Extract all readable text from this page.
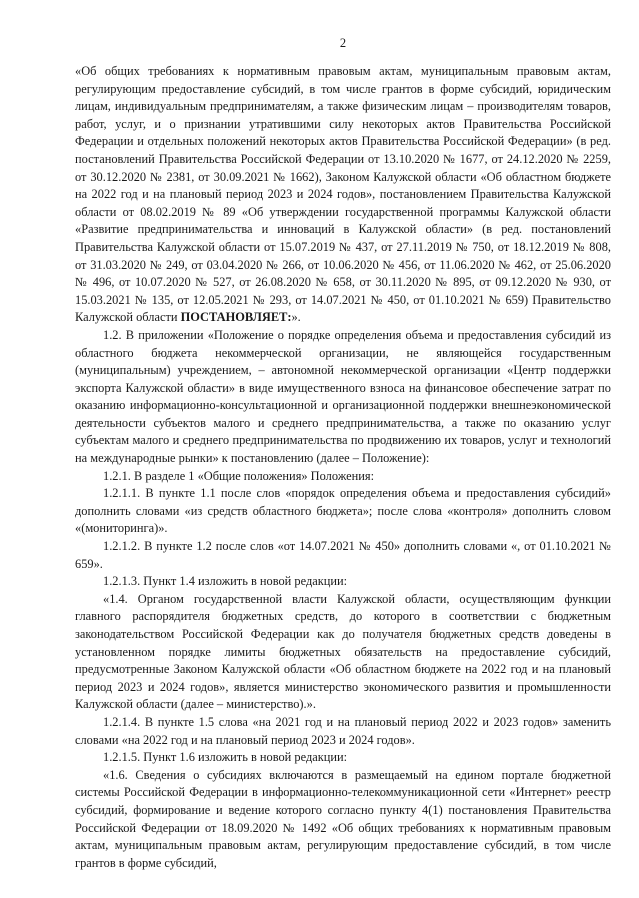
2

«Об общих требованиях к нормативным правовым актам, муниципальным правовым актам, регулирующим предоставление субсидий, в том числе грантов в форме субсидий, юридическим лицам, индивидуальным предпринимателям, а также физическим лицам – производителям товаров, работ, услуг, и о признании утратившими силу некоторых актов Правительства Российской Федерации и отдельных положений некоторых актов Правительства Российской Федерации» (в ред. постановлений Правительства Российской Федерации от 13.10.2020 № 1677, от 24.12.2020 № 2259, от 30.12.2020 № 2381, от 30.09.2021 № 1662), Законом Калужской области «Об областном бюджете на 2022 год и на плановый период 2023 и 2024 годов», постановлением Правительства Калужской области от 08.02.2019 № 89 «Об утверждении государственной программы Калужской области «Развитие предпринимательства и инноваций в Калужской области» (в ред. постановлений Правительства Калужской области от 15.07.2019 № 437, от 27.11.2019 № 750, от 18.12.2019 № 808, от 31.03.2020 № 249, от 03.04.2020 № 266, от 10.06.2020 № 456, от 11.06.2020 № 462, от 25.06.2020 № 496, от 10.07.2020 № 527, от 26.08.2020 № 658, от 30.11.2020 № 895, от 09.12.2020 № 930, от 15.03.2021 № 135, от 12.05.2021 № 293, от 14.07.2021 № 450, от 01.10.2021 № 659) Правительство Калужской области ПОСТАНОВЛЯЕТ:».

1.2. В приложении «Положение о порядке определения объема и предоставления субсидий из областного бюджета некоммерческой организации, не являющейся государственным (муниципальным) учреждением, – автономной некоммерческой организации «Центр поддержки экспорта Калужской области» в виде имущественного взноса на финансовое обеспечение затрат по оказанию информационно-консультационной и организационной поддержки внешнеэкономической деятельности субъектов малого и среднего предпринимательства, а также по оказанию услуг субъектам малого и среднего предпринимательства по продвижению их товаров, услуг и технологий на международные рынки» к постановлению (далее – Положение):

1.2.1. В разделе 1 «Общие положения» Положения:

1.2.1.1. В пункте 1.1 после слов «порядок определения объема и предоставления субсидий» дополнить словами «из средств областного бюджета»; после слова «контроля» дополнить словом «(мониторинга)».

1.2.1.2. В пункте 1.2 после слов «от 14.07.2021 № 450» дополнить словами «, от 01.10.2021 № 659».

1.2.1.3. Пункт 1.4 изложить в новой редакции:

«1.4. Органом государственной власти Калужской области, осуществляющим функции главного распорядителя бюджетных средств, до которого в соответствии с бюджетным законодательством Российской Федерации как до получателя бюджетных средств доведены в установленном порядке лимиты бюджетных обязательств на предоставление субсидий, предусмотренные Законом Калужской области «Об областном бюджете на 2022 год и на плановый период 2023 и 2024 годов», является министерство экономического развития и промышленности Калужской области (далее – министерство).».

1.2.1.4. В пункте 1.5 слова «на 2021 год и на плановый период 2022 и 2023 годов» заменить словами «на 2022 год и на плановый период 2023 и 2024 годов».

1.2.1.5. Пункт 1.6 изложить в новой редакции:

«1.6. Сведения о субсидиях включаются в размещаемый на едином портале бюджетной системы Российской Федерации в информационно-телекоммуникационной сети «Интернет» реестр субсидий, формирование и ведение которого согласно пункту 4(1) постановления Правительства Российской Федерации от 18.09.2020 № 1492 «Об общих требованиях к нормативным правовым актам, муниципальным правовым актам, регулирующим предоставление субсидий, в том числе грантов в форме субсидий,
